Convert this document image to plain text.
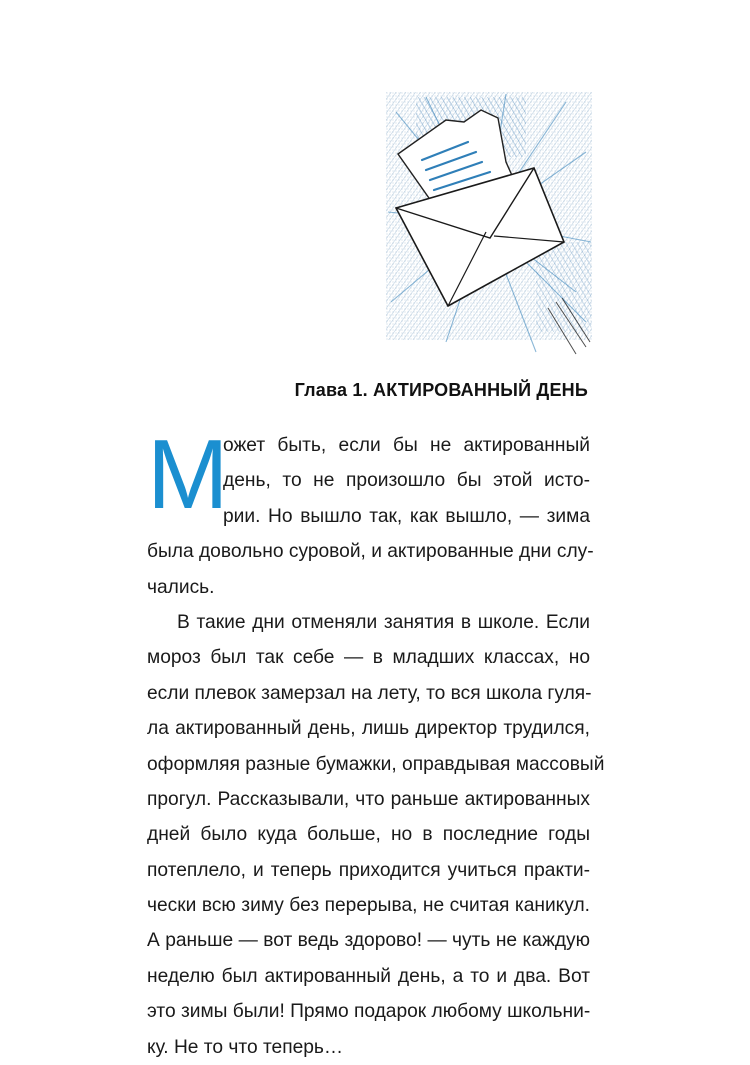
Глава 1. АКТИРОВАННЫЙ ДЕНЬ
М
ожет быть, если бы не актированный
день, то не произошло бы этой исто-
рии. Но вышло так, как вышло, — зима
была довольно суровой, и актированные дни слу-
чались.
В такие дни отменяли занятия в школе. Если
мороз был так себе — в младших классах, но
если плевок замерзал на лету, то вся школа гуля-
ла актированный день, лишь директор трудился,
оформляя разные бумажки, оправдывая массовый
прогул. Рассказывали, что раньше актированных
дней было куда больше, но в последние годы
потеплело, и теперь приходится учиться практи-
чески всю зиму без перерыва, не считая каникул.
А раньше — вот ведь здорово! — чуть не каждую
неделю был актированный день, а то и два. Вот
это зимы были! Прямо подарок любому школьни-
ку. Не то что теперь…
